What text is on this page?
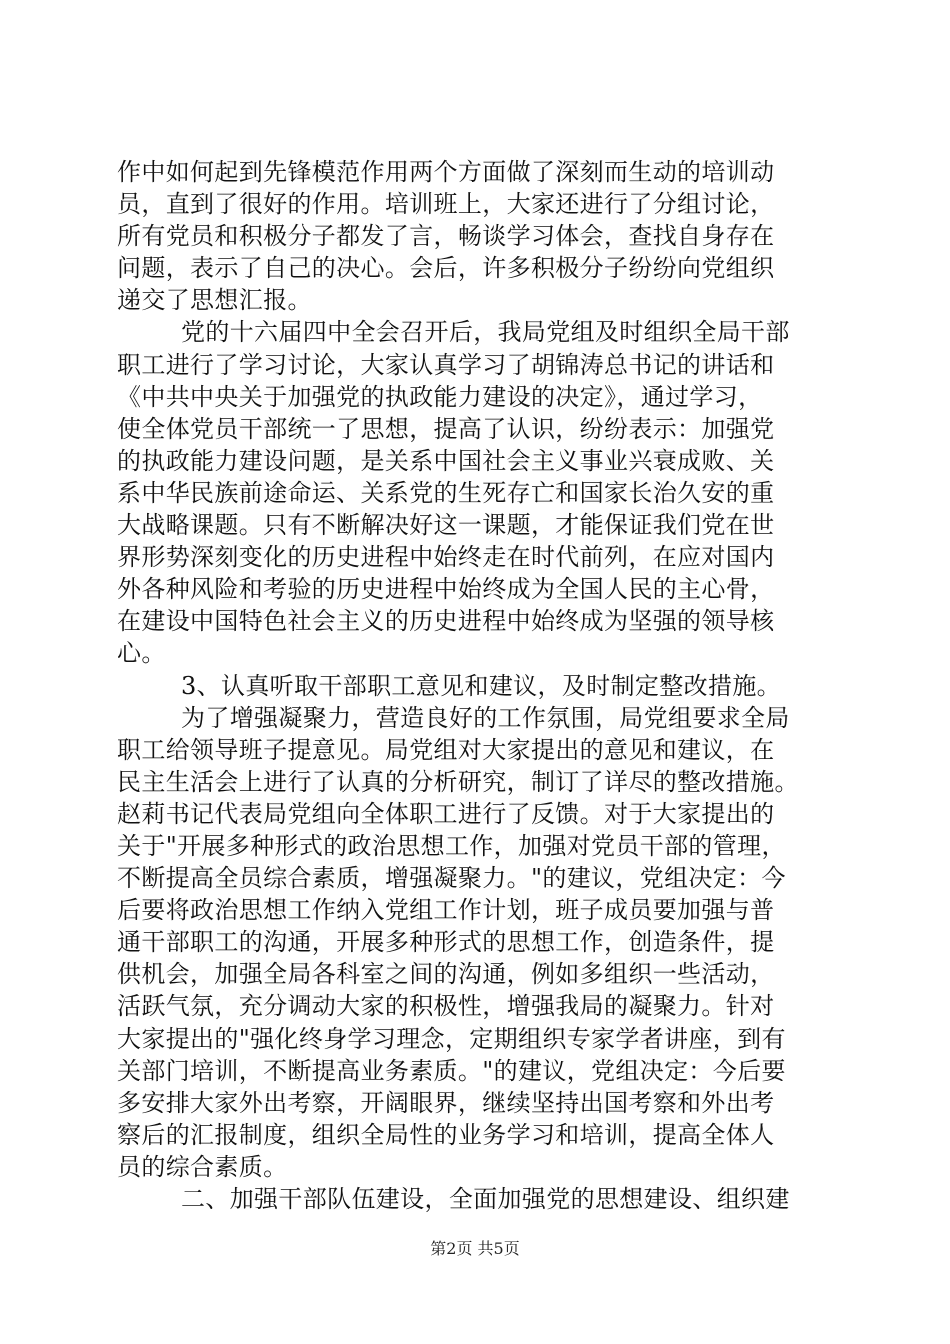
作中如何起到先锋模范作用两个方面做了深刻而生动的培训动
员，直到了很好的作用。培训班上，大家还进行了分组讨论，
所有党员和积极分子都发了言，畅谈学习体会，查找自身存在
问题，表示了自己的决心。会后，许多积极分子纷纷向党组织
递交了思想汇报。
党的十六届四中全会召开后，我局党组及时组织全局干部
职工进行了学习讨论，大家认真学习了胡锦涛总书记的讲话和
《中共中央关于加强党的执政能力建设的决定》，通过学习，
使全体党员干部统一了思想，提高了认识，纷纷表示：加强党
的执政能力建设问题，是关系中国社会主义事业兴衰成败、关
系中华民族前途命运、关系党的生死存亡和国家长治久安的重
大战略课题。只有不断解决好这一课题，才能保证我们党在世
界形势深刻变化的历史进程中始终走在时代前列，在应对国内
外各种风险和考验的历史进程中始终成为全国人民的主心骨，
在建设中国特色社会主义的历史进程中始终成为坚强的领导核
心。
3、认真听取干部职工意见和建议，及时制定整改措施。
为了增强凝聚力，营造良好的工作氛围，局党组要求全局
职工给领导班子提意见。局党组对大家提出的意见和建议，在
民主生活会上进行了认真的分析研究，制订了详尽的整改措施。
赵莉书记代表局党组向全体职工进行了反馈。对于大家提出的
关于"开展多种形式的政治思想工作，加强对党员干部的管理，
不断提高全员综合素质，增强凝聚力。"的建议，党组决定：今
后要将政治思想工作纳入党组工作计划，班子成员要加强与普
通干部职工的沟通，开展多种形式的思想工作，创造条件，提
供机会，加强全局各科室之间的沟通，例如多组织一些活动，
活跃气氛，充分调动大家的积极性，增强我局的凝聚力。针对
大家提出的"强化终身学习理念，定期组织专家学者讲座，到有
关部门培训，不断提高业务素质。"的建议，党组决定：今后要
多安排大家外出考察，开阔眼界，继续坚持出国考察和外出考
察后的汇报制度，组织全局性的业务学习和培训，提高全体人
员的综合素质。
二、加强干部队伍建设，全面加强党的思想建设、组织建
第2页 共5页
